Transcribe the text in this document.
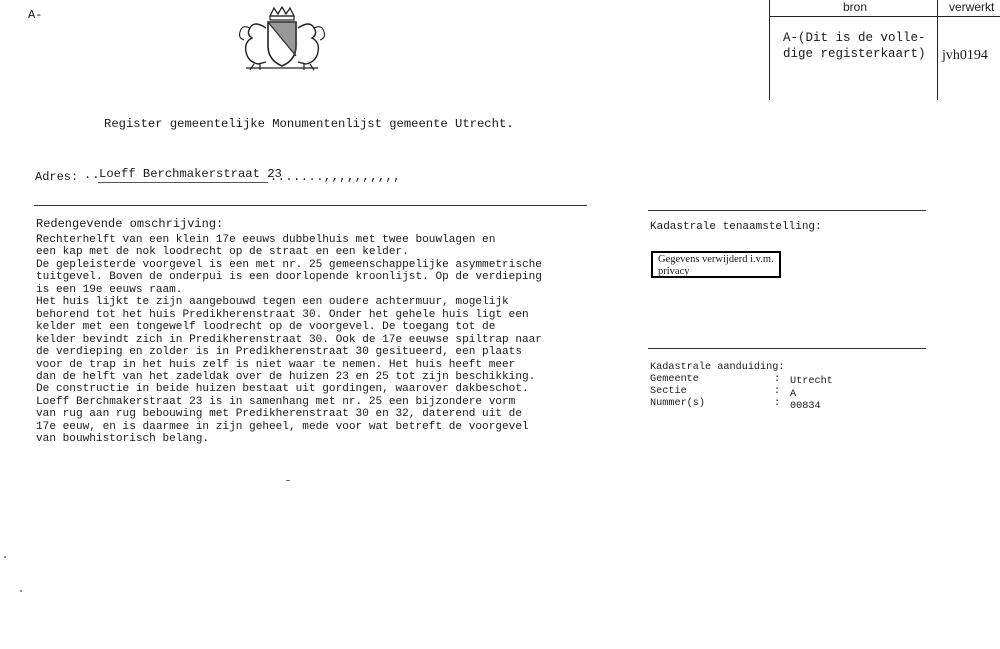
A-
bron	verwerkt
A-(Dit is de volle-
dige registerkaart) jvh0194
Register gemeentelijke Monumentenlijst gemeente Utrecht.
Adres: ..
Loeff Berchmakerstraat 23
.......,,,,,,,,,,
Redengevende omschrijving:
Rechterhelft van een klein 17e eeuws dubbelhuis met twee bouwlagen en
een kap met de nok loodrecht op de straat en een kelder.
De gepleisterde voorgevel is een met nr. 25 gemeenschappelijke asymmetrische
tuitgevel. Boven de onderpui is een doorlopende kroonlijst. Op de verdieping
is een 19e eeuws raam.
Het huis lijkt te zijn aangebouwd tegen een oudere achtermuur, mogelijk
behorend tot het huis Predikherenstraat 30. Onder het gehele huis ligt een
kelder met een tongewelf loodrecht op de voorgevel. De toegang tot de
kelder bevindt zich in Predikherenstraat 30. Ook de 17e eeuwse spiltrap naar
de verdieping en zolder is in Predikherenstraat 30 gesitueerd, een plaats
voor de trap in het huis zelf is niet waar te nemen. Het huis heeft meer
dan de helft van het zadeldak over de huizen 23 en 25 tot zijn beschikking.
De constructie in beide huizen bestaat uit gordingen, waarover dakbeschot.
Loeff Berchmakerstraat 23 is in samenhang met nr. 25 een bijzondere vorm
van rug aan rug bebouwing met Predikherenstraat 30 en 32, daterend uit de
17e eeuw, en is daarmee in zijn geheel, mede voor wat betreft de voorgevel
van bouwhistorisch belang.
Kadastrale tenaamstelling:
Gegevens verwijderd i.v.m.
privacy
Kadastrale aanduiding:
Gemeente	: Utrecht
Sectie	: A
Nummer(s)	: 00834
